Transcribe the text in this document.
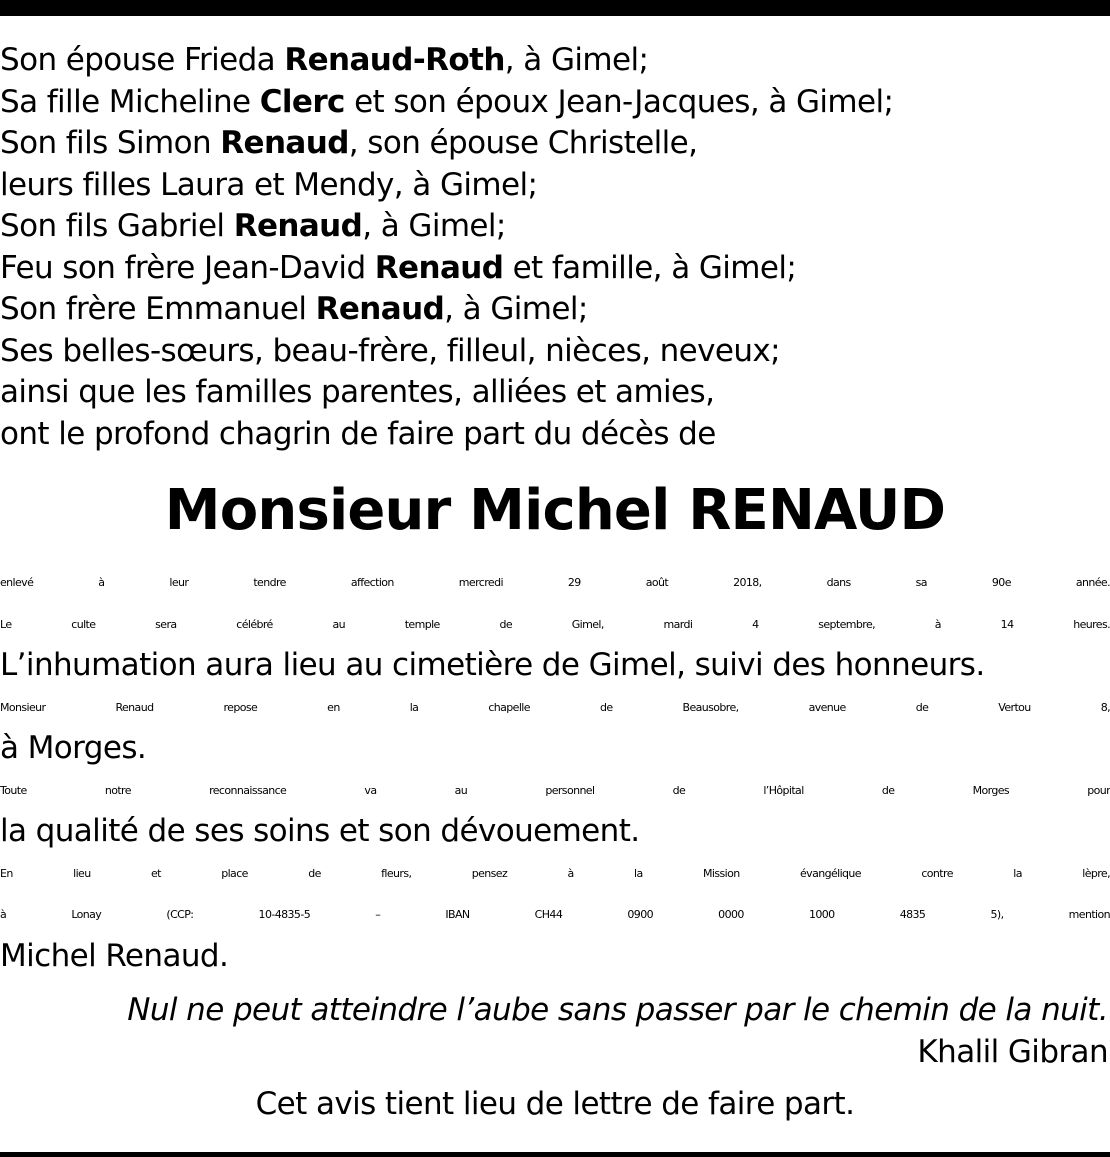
Son épouse Frieda Renaud-Roth, à Gimel;
Sa fille Micheline Clerc et son époux Jean-Jacques, à Gimel;
Son fils Simon Renaud, son épouse Christelle,
leurs filles Laura et Mendy, à Gimel;
Son fils Gabriel Renaud, à Gimel;
Feu son frère Jean-David Renaud et famille, à Gimel;
Son frère Emmanuel Renaud, à Gimel;
Ses belles-sœurs, beau-frère, filleul, nièces, neveux;
ainsi que les familles parentes, alliées et amies,
ont le profond chagrin de faire part du décès de
Monsieur Michel RENAUD
enlevé à leur tendre affection mercredi 29 août 2018, dans sa 90e année.
Le culte sera célébré au temple de Gimel, mardi 4 septembre, à 14 heures.
L’inhumation aura lieu au cimetière de Gimel, suivi des honneurs.
Monsieur Renaud repose en la chapelle de Beausobre, avenue de Vertou 8,
à Morges.
Toute notre reconnaissance va au personnel de l’Hôpital de Morges pour
la qualité de ses soins et son dévouement.
En lieu et place de fleurs, pensez à la Mission évangélique contre la lèpre,
à Lonay (CCP: 10-4835-5 – IBAN CH44 0900 0000 1000 4835 5), mention
Michel Renaud.
Nul ne peut atteindre l’aube sans passer par le chemin de la nuit.
Khalil Gibran
Cet avis tient lieu de lettre de faire part.
